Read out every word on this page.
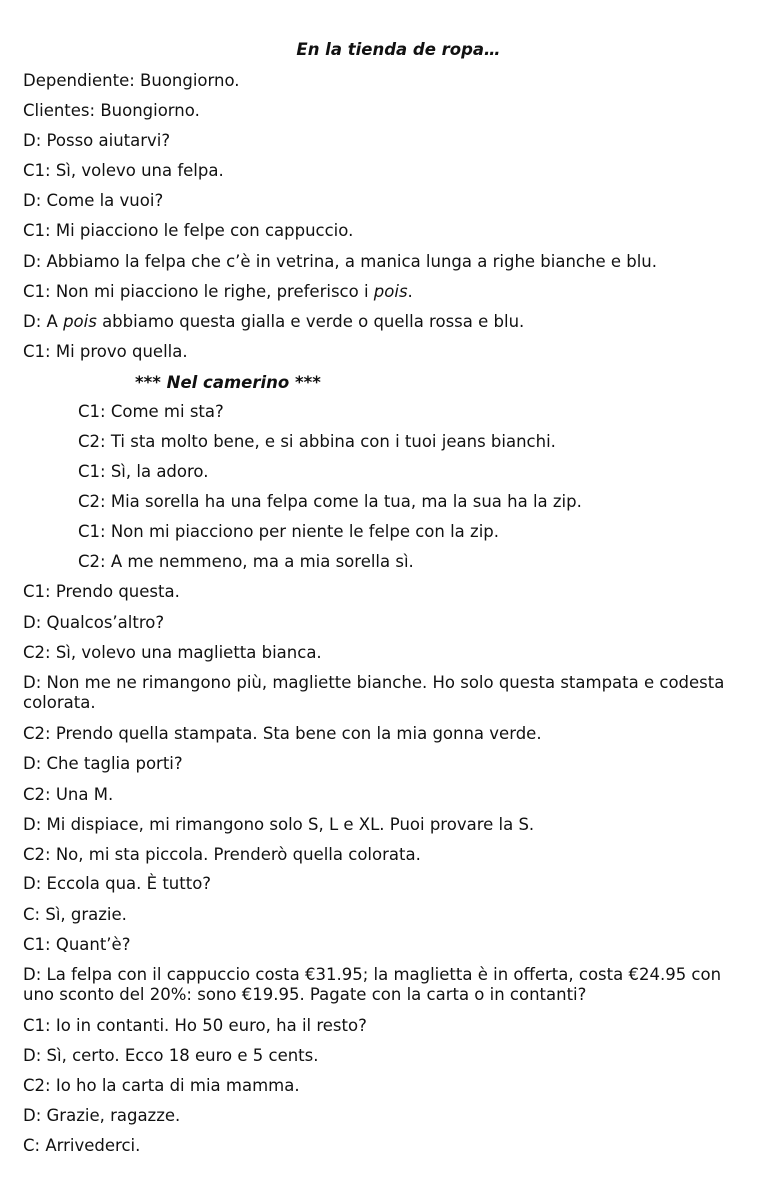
En la tienda de ropa…
Dependiente: Buongiorno.
Clientes: Buongiorno.
D: Posso aiutarvi?
C1: Sì, volevo una felpa.
D: Come la vuoi?
C1: Mi piacciono le felpe con cappuccio.
D: Abbiamo la felpa che c’è in vetrina, a manica lunga a righe bianche e blu.
C1: Non mi piacciono le righe, preferisco i pois.
D: A pois abbiamo questa gialla e verde o quella rossa e blu.
C1: Mi provo quella.
*** Nel camerino ***
C1: Come mi sta?
C2: Ti sta molto bene, e si abbina con i tuoi jeans bianchi.
C1: Sì, la adoro.
C2: Mia sorella ha una felpa come la tua, ma la sua ha la zip.
C1: Non mi piacciono per niente le felpe con la zip.
C2: A me nemmeno, ma a mia sorella sì.
C1: Prendo questa.
D: Qualcos’altro?
C2: Sì, volevo una maglietta bianca.
D: Non me ne rimangono più, magliette bianche. Ho solo questa stampata e codesta colorata.
C2: Prendo quella stampata. Sta bene con la mia gonna verde.
D: Che taglia porti?
C2: Una M.
D: Mi dispiace, mi rimangono solo S, L e XL. Puoi provare la S.
C2: No, mi sta piccola. Prenderò quella colorata.
D: Eccola qua. È tutto?
C: Sì, grazie.
C1: Quant’è?
D: La felpa con il cappuccio costa €31.95; la maglietta è in offerta, costa €24.95 con uno sconto del 20%: sono €19.95. Pagate con la carta o in contanti?
C1: Io in contanti. Ho 50 euro, ha il resto?
D: Sì, certo. Ecco 18 euro e 5 cents.
C2: Io ho la carta di mia mamma.
D: Grazie, ragazze.
C: Arrivederci.
